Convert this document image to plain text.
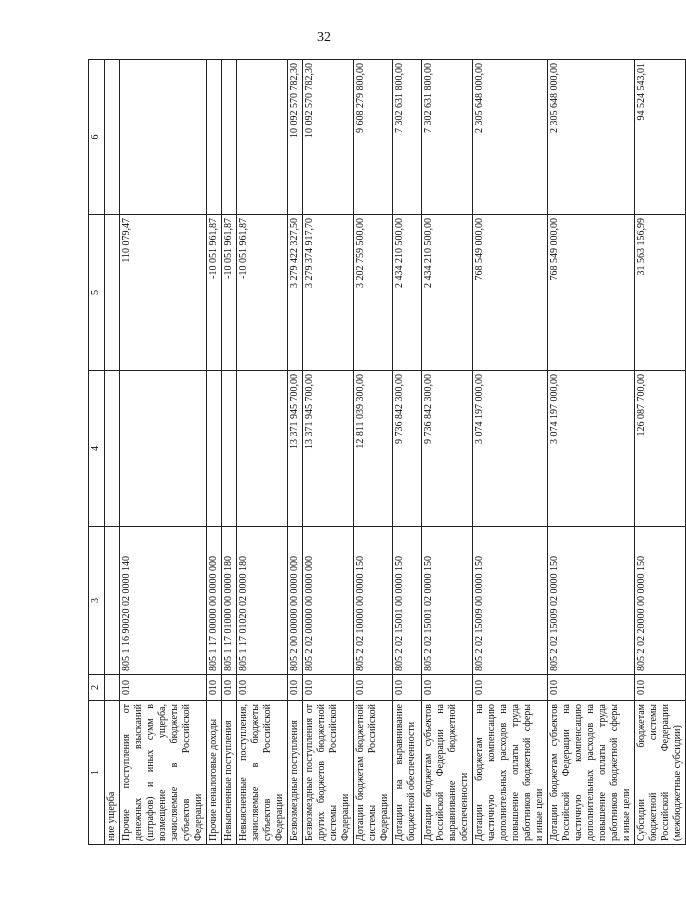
32
1	2	3	4	5	6
ние ущерба					
Прочие поступления от денежных взысканий (штрафов) и иных сумм в возмещение ущерба, зачисляемые в бюджеты субъектов Российской Федерации	010	805 1 16 90020 02 0000 140		110 079,47	
Прочие неналоговые доходы	010	805 1 17 00000 00 0000 000		-10 051 961,87	
Невыясненные поступления	010	805 1 17 01000 00 0000 180		-10 051 961,87	
Невыясненные поступления, зачисляемые в бюджеты субъектов Российской Федерации	010	805 1 17 01020 02 0000 180		-10 051 961,87	
Безвозмездные поступления	010	805 2 00 00000 00 0000 000	13 371 945 700,00	3 279 422 327,50	10 092 570 782,30
Безвозмездные поступления от других бюджетов бюджетной системы Российской Федерации	010	805 2 02 00000 00 0000 000	13 371 945 700,00	3 279 374 917,70	10 092 570 782,30
Дотации бюджетам бюджетной системы Российской Федерации	010	805 2 02 10000 00 0000 150	12 811 039 300,00	3 202 759 500,00	9 608 279 800,00
Дотации на выравнивание бюджетной обеспеченности	010	805 2 02 15001 00 0000 150	9 736 842 300,00	2 434 210 500,00	7 302 631 800,00
Дотации бюджетам субъектов Российской Федерации на выравнивание бюджетной обеспеченности	010	805 2 02 15001 02 0000 150	9 736 842 300,00	2 434 210 500,00	7 302 631 800,00
Дотации бюджетам на частичную компенсацию дополнительных расходов на повышение оплаты труда работников бюджетной сферы и иные цели	010	805 2 02 15009 00 0000 150	3 074 197 000,00	768 549 000,00	2 305 648 000,00
Дотации бюджетам субъектов Российской Федерации на частичную компенсацию дополнительных расходов на повышение оплаты труда работников бюджетной сферы и иные цели	010	805 2 02 15009 02 0000 150	3 074 197 000,00	768 549 000,00	2 305 648 000,00
Субсидии бюджетам бюджетной системы Российской Федерации (межбюджетные субсидии)	010	805 2 02 20000 00 0000 150	126 087 700,00	31 563 156,99	94 524 543,01
